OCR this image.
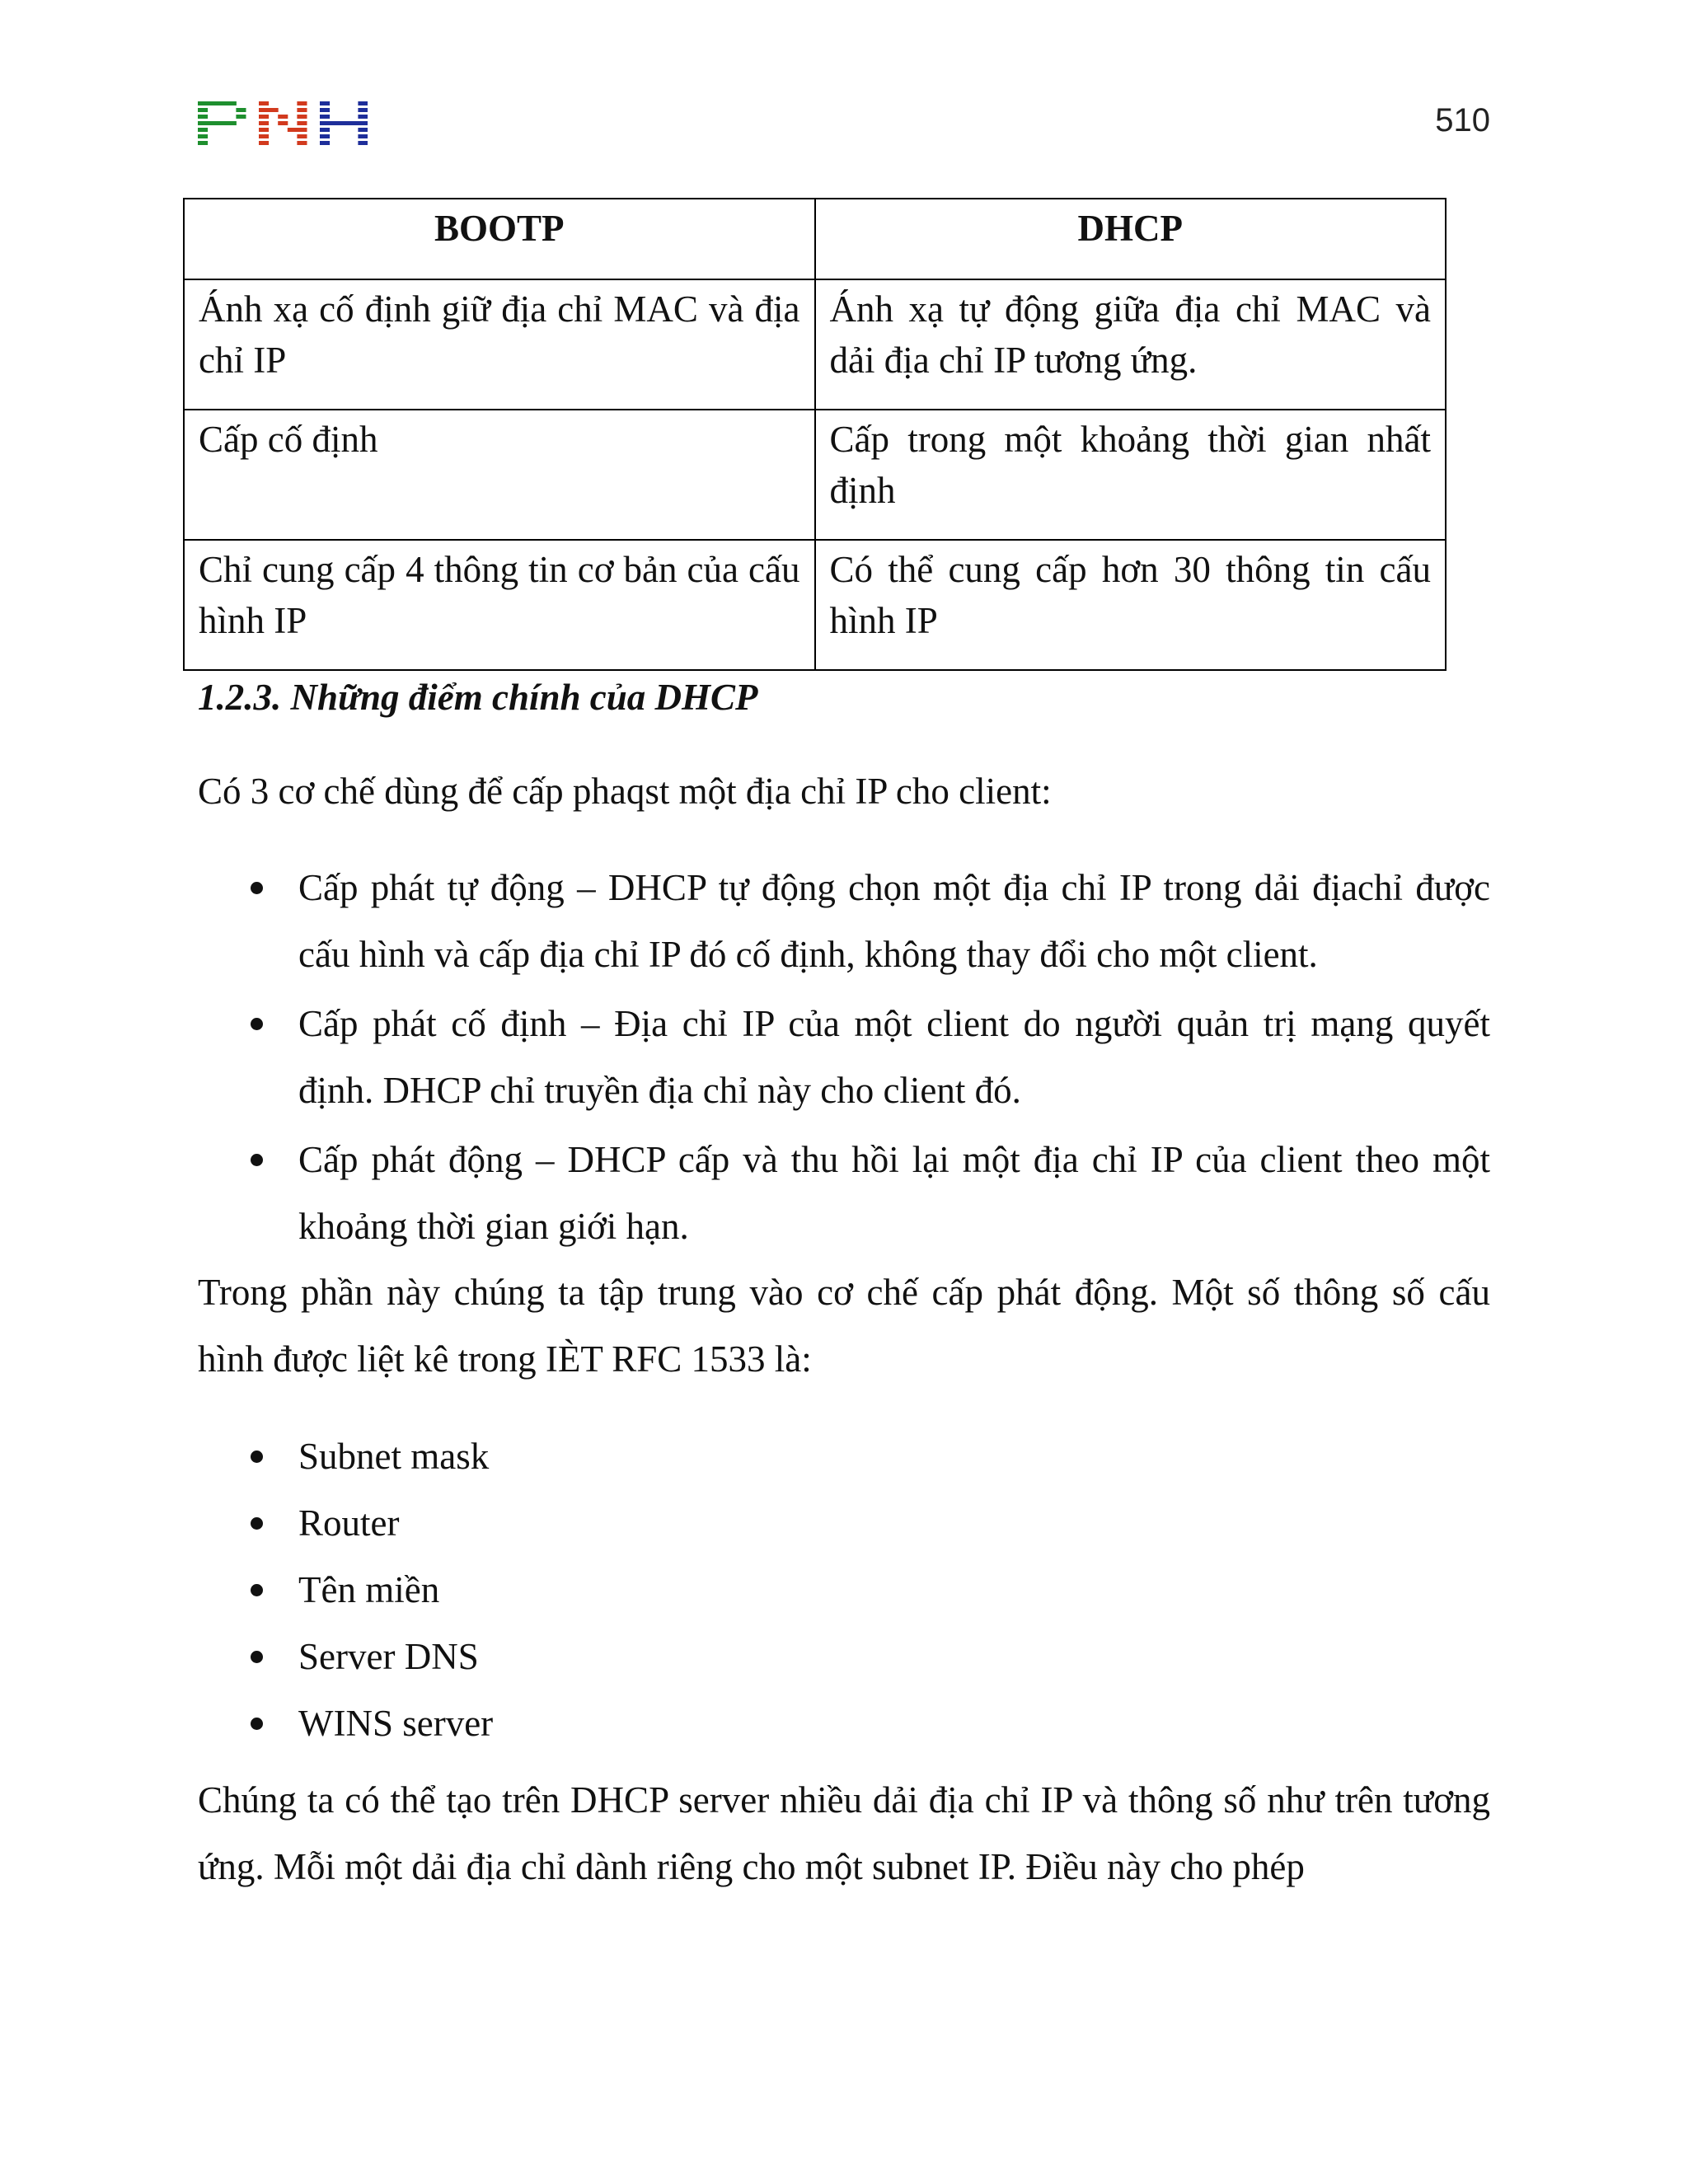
510
BOOTP	DHCP
Ánh xạ cố định giữ địa chỉ MAC và địa chỉ IP	Ánh xạ tự động giữa địa chỉ MAC và dải địa chỉ IP tương ứng.
Cấp cố định	Cấp trong một khoảng thời gian nhất định
Chỉ cung cấp 4 thông tin cơ bản của cấu hình IP	Có thể cung cấp hơn 30 thông tin cấu hình IP
1.2.3. Những điểm chính của DHCP

Có 3 cơ chế dùng để cấp phaqst một địa chỉ IP cho client:

Cấp phát tự động – DHCP tự động chọn một địa chỉ IP trong dải địachỉ được cấu hình và cấp địa chỉ IP đó cố định, không thay đổi cho một client.
Cấp phát cố định – Địa chỉ IP của một client do người quản trị mạng quyết định. DHCP chỉ truyền địa chỉ này cho client đó.
Cấp phát động – DHCP cấp và thu hồi lại một địa chỉ IP của client theo một khoảng thời gian giới hạn.

Trong phần này chúng ta tập trung vào cơ chế cấp phát động. Một số thông số cấu hình được liệt kê trong IÈT RFC 1533 là:

Subnet mask
Router
Tên miền
Server DNS
WINS server

Chúng ta có thể tạo trên DHCP server nhiều dải địa chỉ IP và thông số như trên tương ứng. Mỗi một dải địa chỉ dành riêng cho một subnet IP. Điều này cho phép
